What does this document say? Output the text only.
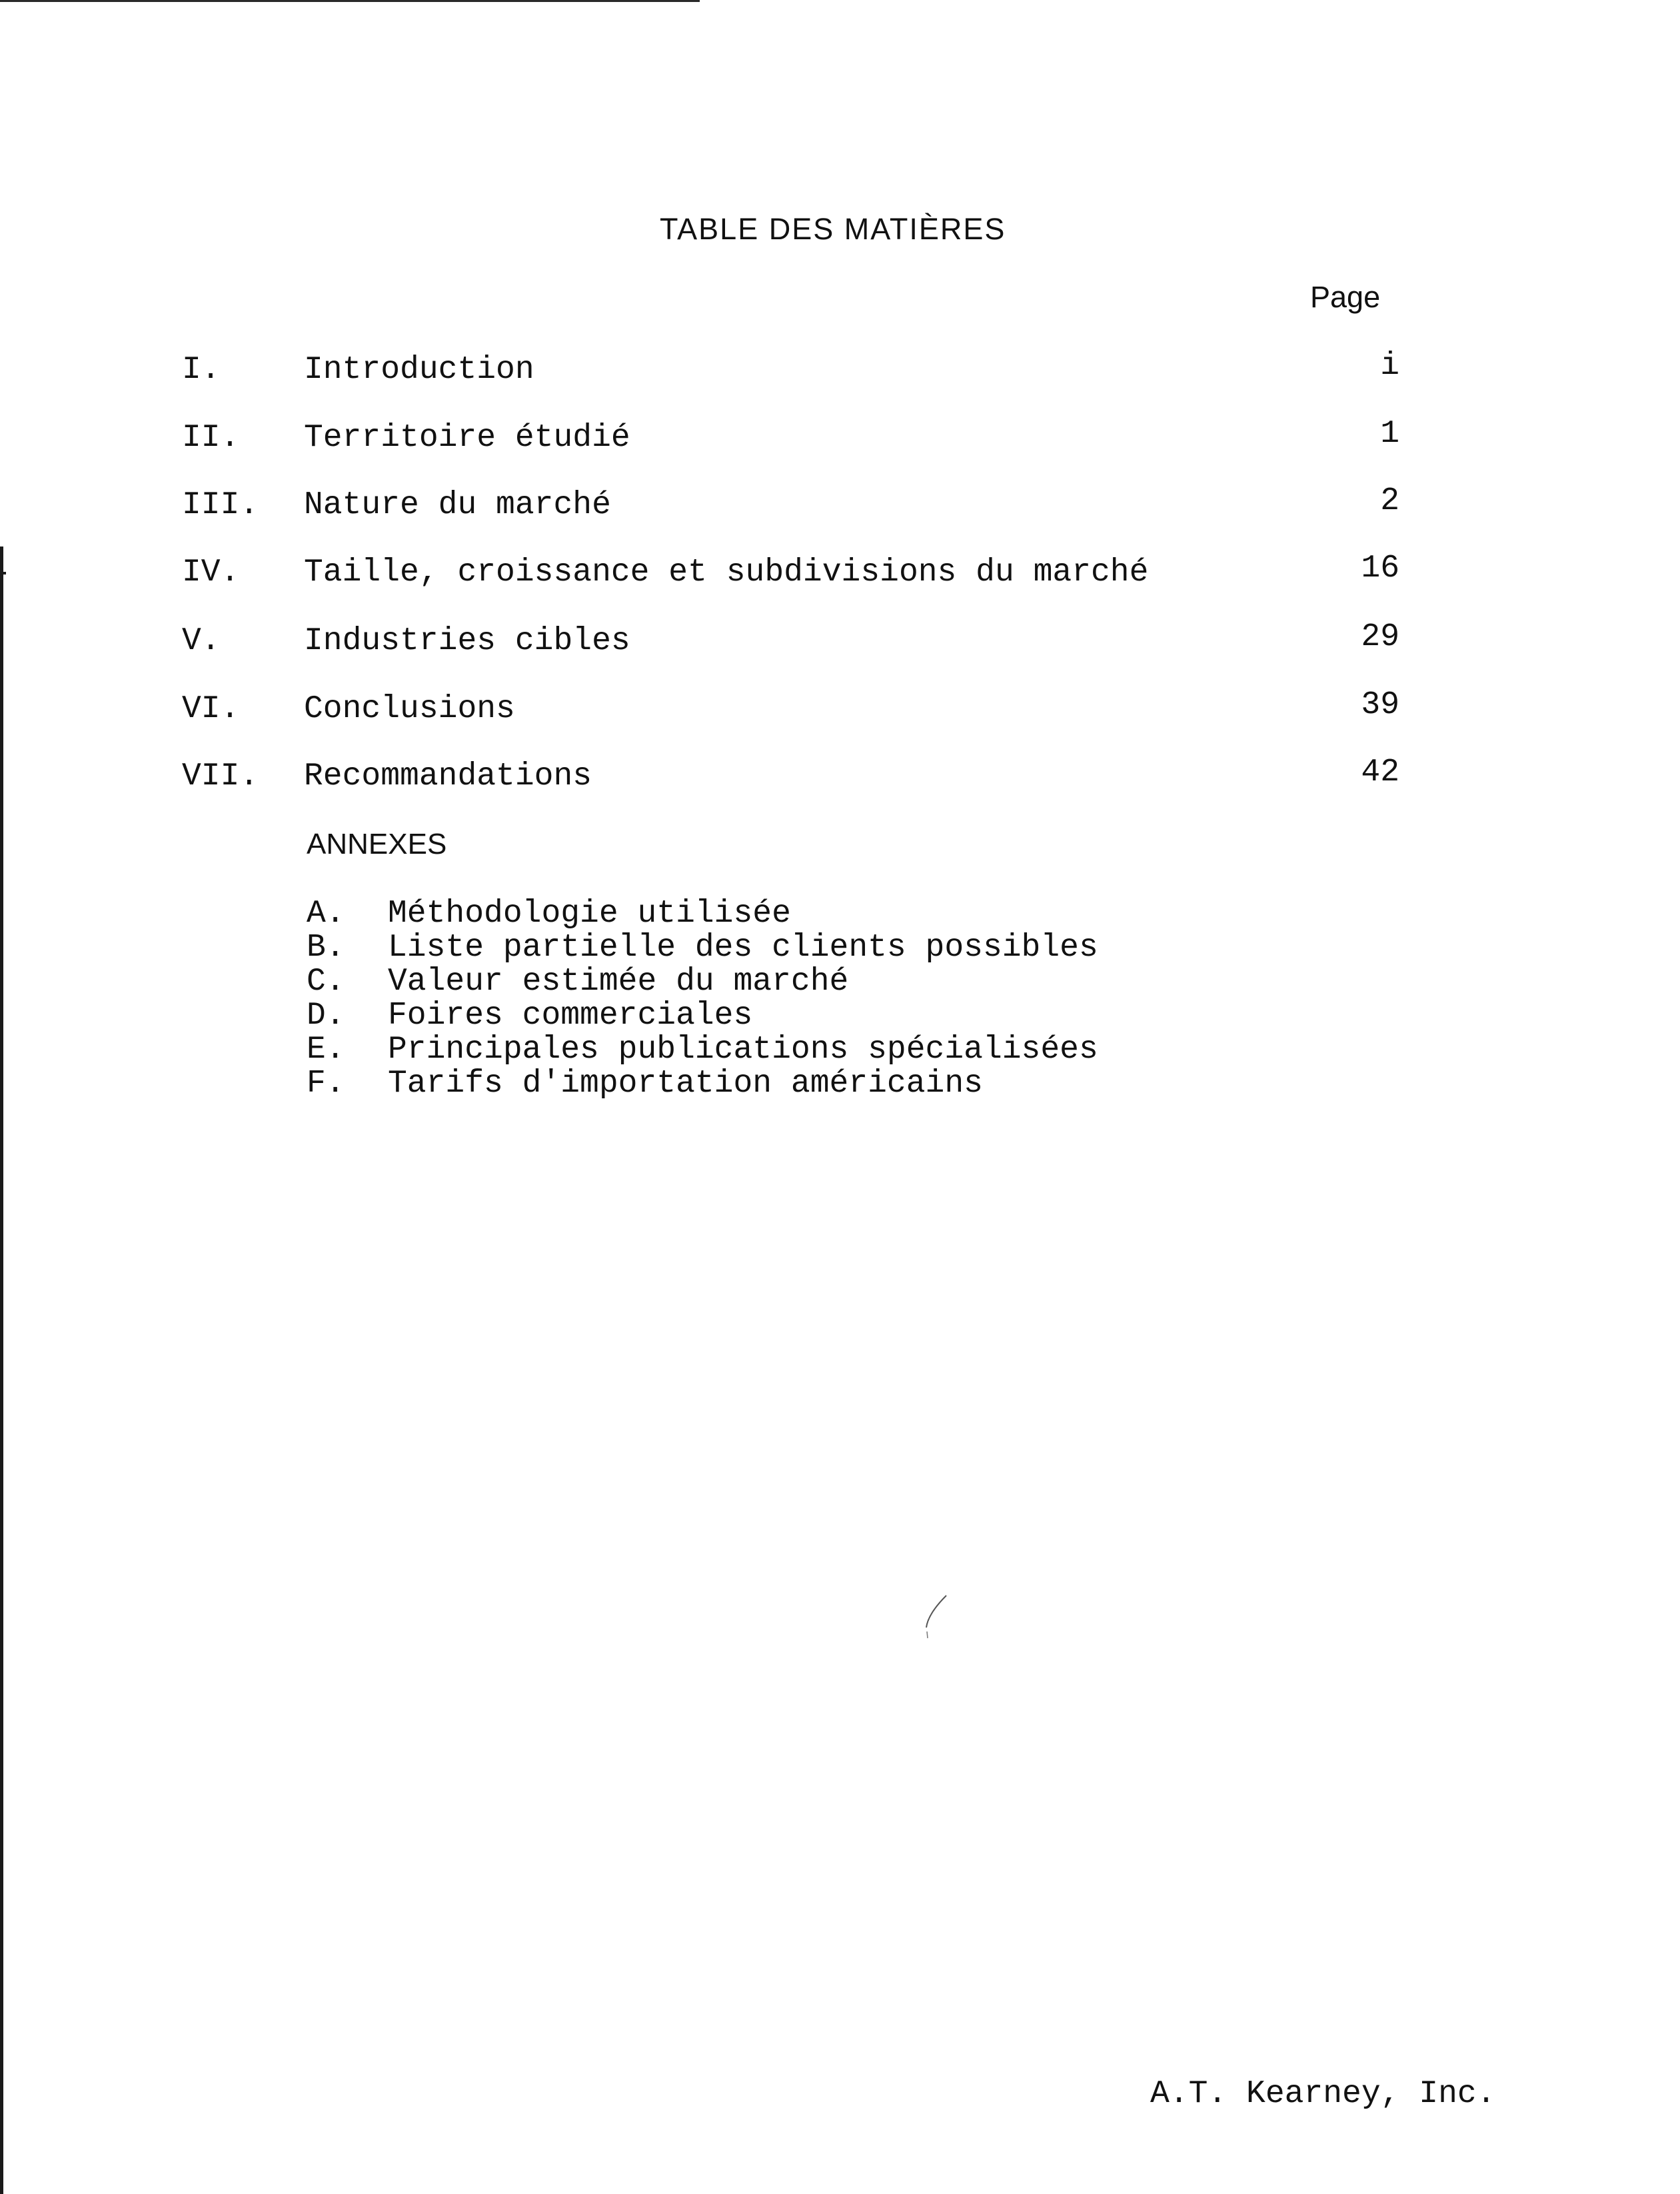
TABLE DES MATIÈRES
Page
I.	Introduction	i
II. Territoire étudié	1
III. Nature du marché	2
IV. Taille, croissance et subdivisions du marché	16
V.	Industries cibles	29
VI. Conclusions	39
VII. Recommandations	42
ANNEXES
A. Méthodologie utilisée
B. Liste partielle des clients possibles
C. Valeur estimée du marché
D. Foires commerciales
E. Principales publications spécialisées
F. Tarifs d'importation américains
A.T. Kearney, Inc.
